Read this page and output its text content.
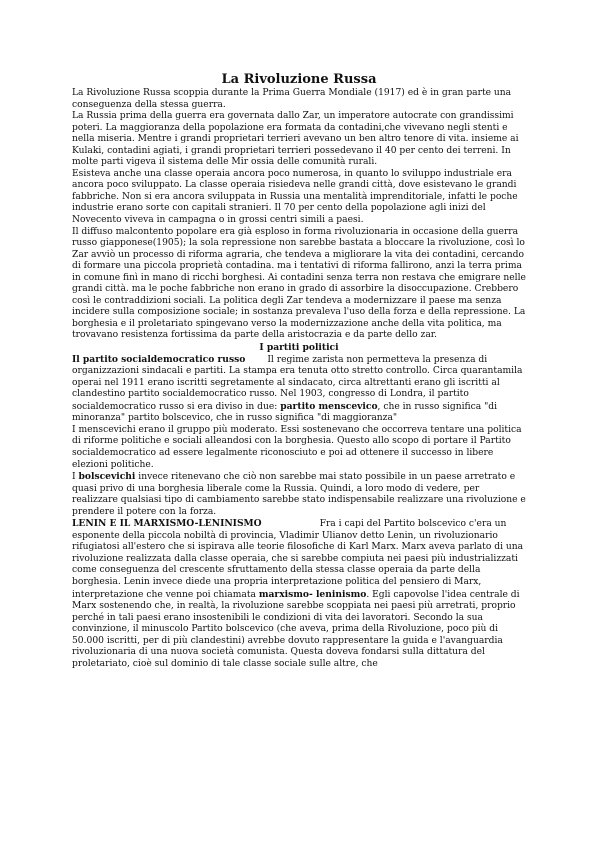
La Rivoluzione Russa

La Rivoluzione Russa scoppia durante la Prima Guerra Mondiale (1917) ed è in gran parte una conseguenza della stessa guerra.

La Russia prima della guerra era governata dallo Zar, un imperatore autocrate con grandissimi poteri. La maggioranza della popolazione era formata da contadini,che vivevano negli stenti e nella miseria. Mentre i grandi proprietari terrieri avevano un ben altro tenore di vita. insieme ai Kulaki, contadini agiati, i grandi proprietari terrieri possedevano il 40 per cento dei terreni. In molte parti vigeva il sistema delle Mir ossia delle comunità rurali.

Esisteva anche una classe operaia ancora poco numerosa, in quanto lo sviluppo industriale era ancora poco sviluppato. La classe operaia risiedeva nelle grandi città, dove esistevano le grandi fabbriche. Non si era ancora sviluppata in Russia una mentalità imprenditoriale, infatti le poche industrie erano sorte con capitali stranieri. Il 70 per cento della popolazione agli inizi del Novecento viveva in campagna o in grossi centri simili a paesi.

Il diffuso malcontento popolare era già esploso in forma rivoluzionaria in occasione della guerra russo giapponese(1905); la sola repressione non sarebbe bastata a bloccare la rivoluzione, così lo Zar avviò un processo di riforma agraria, che tendeva a migliorare la vita dei contadini, cercando di formare una piccola proprietà contadina. ma i tentativi di riforma fallirono, anzi la terra prima in comune finì in mano di ricchi borghesi. Ai contadini senza terra non restava che emigrare nelle grandi città. ma le poche fabbriche non erano in grado di assorbire la disoccupazione. Crebbero così le contraddizioni sociali. La politica degli Zar tendeva a modernizzare il paese ma senza incidere sulla composizione sociale; in sostanza prevaleva l'uso della forza e della repressione. La borghesia e il proletariato spingevano verso la modernizzazione anche della vita politica, ma trovavano resistenza fortissima da parte della aristocrazia e da parte dello zar.

I partiti politici

Il partito socialdemocratico russo Il regime zarista non permetteva la presenza di organizzazioni sindacali e partiti. La stampa era tenuta otto stretto controllo. Circa quarantamila operai nel 1911 erano iscritti segretamente al sindacato, circa altrettanti erano gli iscritti al clandestino partito socialdemocratico russo. Nel 1903, congresso di Londra, il partito socialdemocratico russo si era diviso in due: partito menscevico, che in russo significa "di minoranza" partito bolscevico, che in russo significa "di maggioranza"

I menscevichi erano il gruppo più moderato. Essi sostenevano che occorreva tentare una politica di riforme politiche e sociali alleandosi con la borghesia. Questo allo scopo di portare il Partito socialdemocratico ad essere legalmente riconosciuto e poi ad ottenere il successo in libere elezioni politiche.

I bolscevichi invece ritenevano che ciò non sarebbe mai stato possibile in un paese arretrato e quasi privo di una borghesia liberale come la Russia. Quindi, a loro modo di vedere, per realizzare qualsiasi tipo di cambiamento sarebbe stato indispensabile realizzare una rivoluzione e prendere il potere con la forza.

LENIN E IL MARXISMO-LENINISMO	Fra i capi del Partito bolscevico c'era un esponente della piccola nobiltà di provincia, Vladimir Ulianov detto Lenin, un rivoluzionario rifugiatosi all'estero che si ispirava alle teorie filosofiche di Karl Marx. Marx aveva parlato di una rivoluzione realizzata dalla classe operaia, che si sarebbe compiuta nei paesi più industrializzati come conseguenza del crescente sfruttamento della stessa classe operaia da parte della borghesia. Lenin invece diede una propria interpretazione politica del pensiero di Marx, interpretazione che venne poi chiamata marxismo- leninismo. Egli capovolse l'idea centrale di Marx sostenendo che, in realtà, la rivoluzione sarebbe scoppiata nei paesi più arretrati, proprio perché in tali paesi erano insostenibili le condizioni di vita dei lavoratori. Secondo la sua convinzione, il minuscolo Partito bolscevico (che aveva, prima della Rivoluzione, poco più di 50.000 iscritti, per di più clandestini) avrebbe dovuto rappresentare la guida e l'avanguardia rivoluzionaria di una nuova società comunista. Questa doveva fondarsi sulla dittatura del proletariato, cioè sul dominio di tale classe sociale sulle altre, che
